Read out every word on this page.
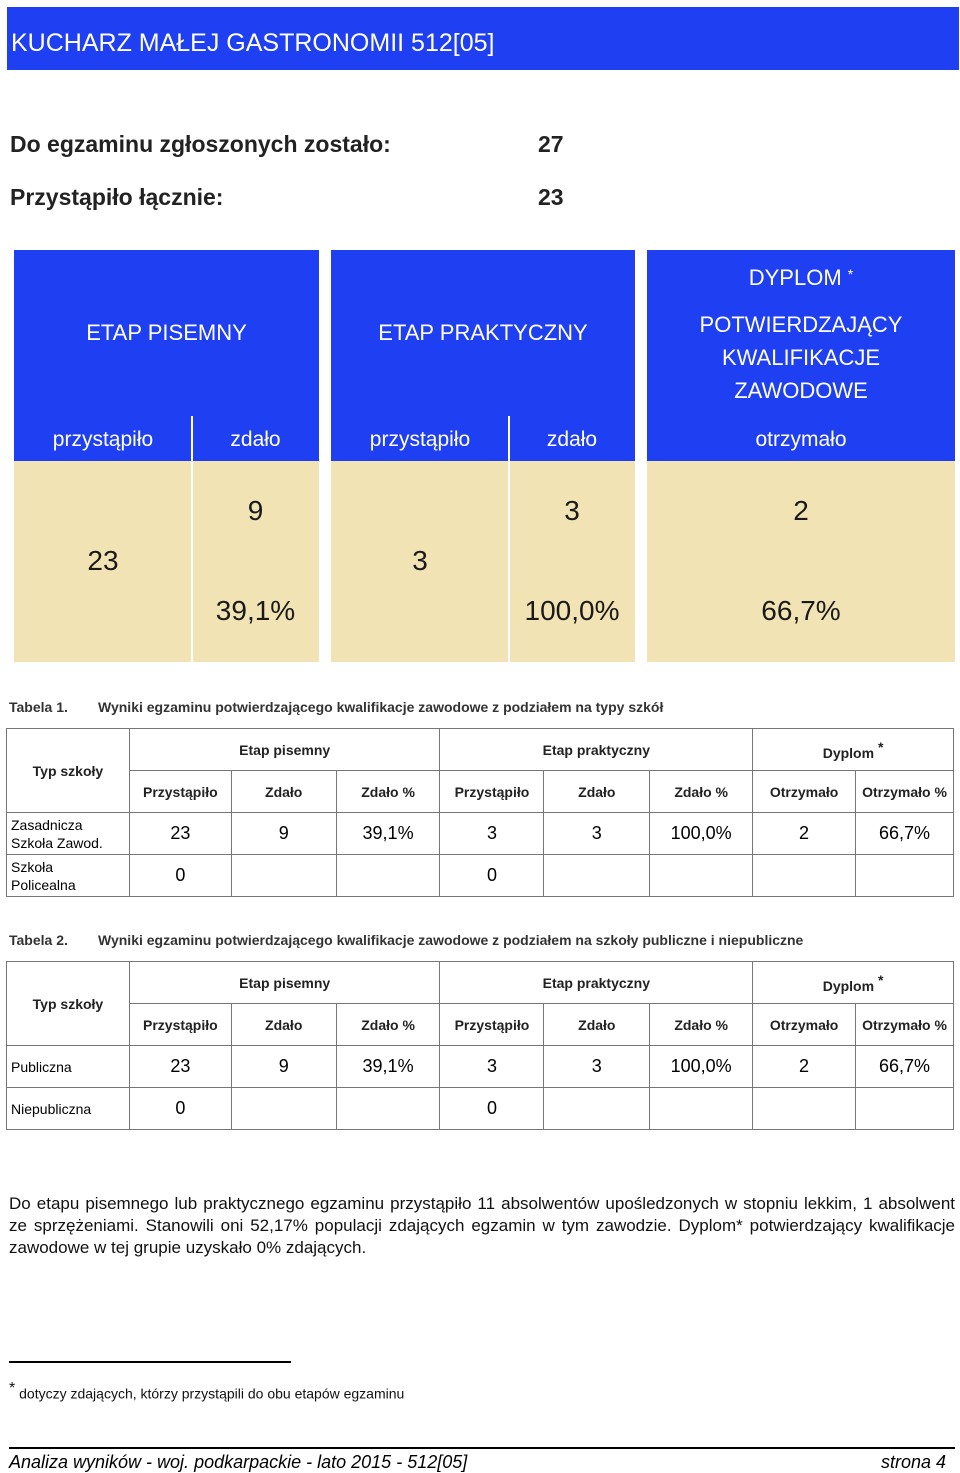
KUCHARZ MAŁEJ GASTRONOMII 512[05]
Do egzaminu zgłoszonych zostało:	27
Przystąpiło łącznie:	23
ETAP PISEMNY
przystąpiło	zdało
23
9
39,1%
ETAP PRAKTYCZNY
przystąpiło	zdało
3
3
100,0%
DYPLOM *
POTWIERDZAJĄCY
KWALIFIKACJE
ZAWODOWE
otrzymało
2
66,7%
Tabela 1. Wyniki egzaminu potwierdzającego kwalifikacje zawodowe z podziałem na typy szkół
Typ szkoły	Etap pisemny			Etap praktyczny			Dyplom *
	Przystąpiło	Zdało	Zdało %	Przystąpiło	Zdało	Zdało %	Otrzymało	Otrzymało %
Zasadnicza
Szkoła Zawod.	23	9	39,1%	3	3	100,0%	2	66,7%
Szkoła
Policealna	0			0				
Tabela 2. Wyniki egzaminu potwierdzającego kwalifikacje zawodowe z podziałem na szkoły publiczne i niepubliczne
Typ szkoły	Etap pisemny			Etap praktyczny			Dyplom *
	Przystąpiło	Zdało	Zdało %	Przystąpiło	Zdało	Zdało %	Otrzymało	Otrzymało %
Publiczna	23	9	39,1%	3	3	100,0%	2	66,7%
Niepubliczna	0			0				
Do etapu pisemnego lub praktycznego egzaminu przystąpiło 11 absolwentów upośledzonych w stopniu lekkim, 1 absolwent ze sprzężeniami. Stanowili oni 52,17% populacji zdających egzamin w tym zawodzie. Dyplom* potwierdzający kwalifikacje zawodowe w tej grupie uzyskało 0% zdających.
* dotyczy zdających, którzy przystąpili do obu etapów egzaminu
Analiza wyników - woj. podkarpackie - lato 2015 - 512[05]	strona 4
